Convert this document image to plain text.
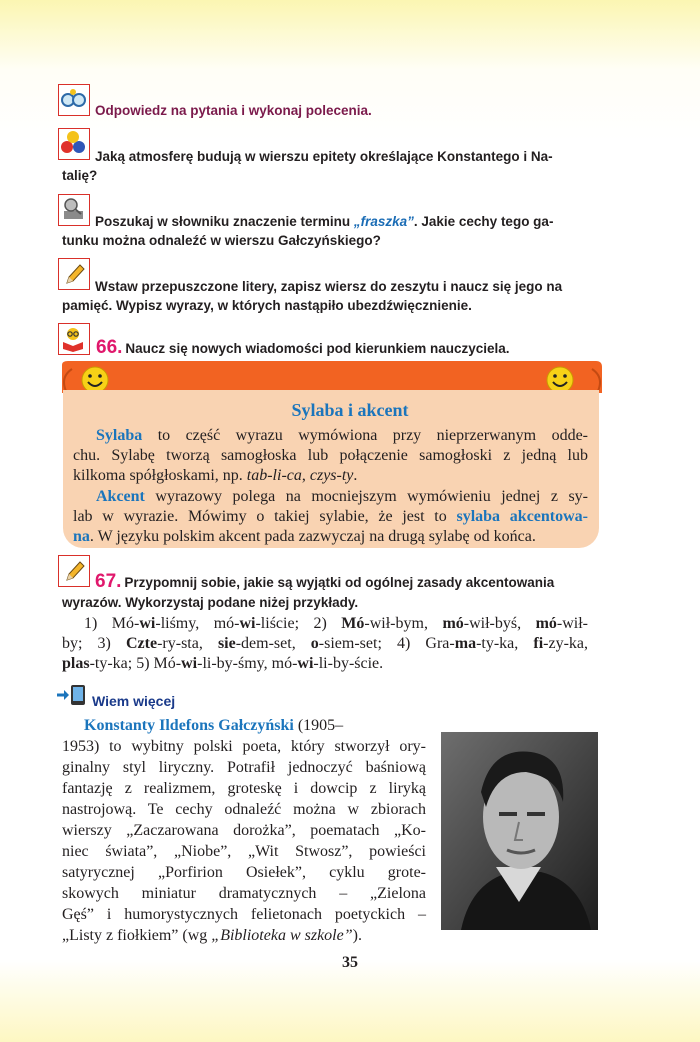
Odpowiedz na pytania i wykonaj polecenia.
Jaką atmosferę budują w wierszu epitety określające Konstantego i Na-
talię?
Poszukaj w słowniku znaczenie terminu „fraszka”. Jakie cechy tego ga-
tunku można odnaleźć w wierszu Gałczyńskiego?
Wstaw przepuszczone litery, zapisz wiersz do zeszytu i naucz się jego na
pamięć. Wypisz wyrazy, w których nastąpiło ubezdźwięcznienie.
66. Naucz się nowych wiadomości pod kierunkiem nauczyciela.
Sylaba i akcent
Sylaba to część wyrazu wymówiona przy nieprzerwanym odde-
chu. Sylabę tworzą samogłoska lub połączenie samogłoski z jedną lub
kilkoma spółgłoskami, np. tab-li-ca, czys-ty.
Akcent wyrazowy polega na mocniejszym wymówieniu jednej z sy-
lab w wyrazie. Mówimy o takiej sylabie, że jest to sylaba akcentowa-
na. W języku polskim akcent pada zazwyczaj na drugą sylabę od końca.
67. Przypomnij sobie, jakie są wyjątki od ogólnej zasady akcentowania
wyrazów. Wykorzystaj podane niżej przykłady.
1) Mó-wi-liśmy, mó-wi-liście; 2) Mó-wił-bym, mó-wił-byś, mó-wił-
by; 3) Czte-ry-sta, sie-dem-set, o-siem-set; 4) Gra-ma-ty-ka, fi-zy-ka,
plas-ty-ka; 5) Mó-wi-li-by-śmy, mó-wi-li-by-ście.
Wiem więcej
Konstanty Ildefons Gałczyński (1905–
1953) to wybitny polski poeta, który stworzył ory-
ginalny styl liryczny. Potrafił jednoczyć baśniową
fantazję z realizmem, groteskę i dowcip z liryką
nastrojową. Te cechy odnaleźć można w zbiorach
wierszy „Zaczarowana dorożka”, poematach „Ko-
niec świata”, „Niobe”, „Wit Stwosz”, powieści
satyrycznej „Porfirion Osiełek”, cyklu grote-
skowych miniatur dramatycznych – „Zielona
Gęś” i humorystycznych felietonach poetyckich –
„Listy z fiołkiem” (wg „Biblioteka w szkole”).
35
